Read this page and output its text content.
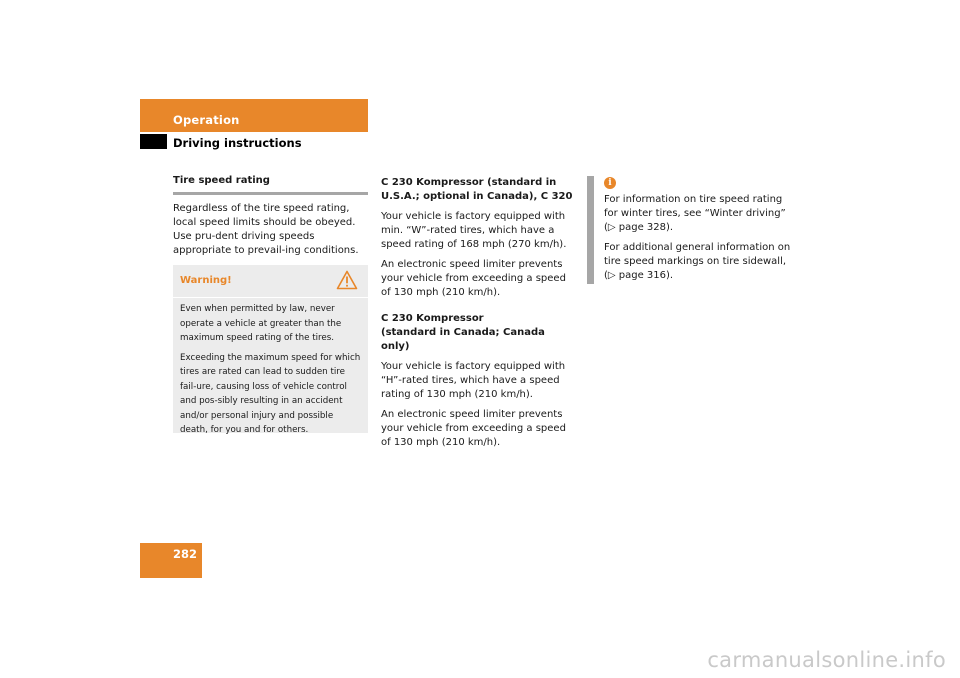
Operation
Driving instructions
Tire speed rating

Regardless of the tire speed rating, local speed limits should be obeyed. Use pru-dent driving speeds appropriate to prevail-ing conditions.

Warning!

Even when permitted by law, never operate a vehicle at greater than the maximum speed rating of the tires.

Exceeding the maximum speed for which tires are rated can lead to sudden tire fail-ure, causing loss of vehicle control and pos-sibly resulting in an accident and/or personal injury and possible death, for you and for others.

C 230 Kompressor (standard in U.S.A.; optional in Canada), C 320

Your vehicle is factory equipped with min. “W”-rated tires, which have a speed rating of 168 mph (270 km/h).

An electronic speed limiter prevents your vehicle from exceeding a speed of 130 mph (210 km/h).

C 230 Kompressor

(standard in Canada; Canada only)

Your vehicle is factory equipped with “H”-rated tires, which have a speed rating of 130 mph (210 km/h).

An electronic speed limiter prevents your vehicle from exceeding a speed of 130 mph (210 km/h).

i

For information on tire speed rating for winter tires, see “Winter driving”
(▷ page 328).

For additional general information on tire speed markings on tire sidewall,
(▷ page 316).

282
carmanualsonline.info
